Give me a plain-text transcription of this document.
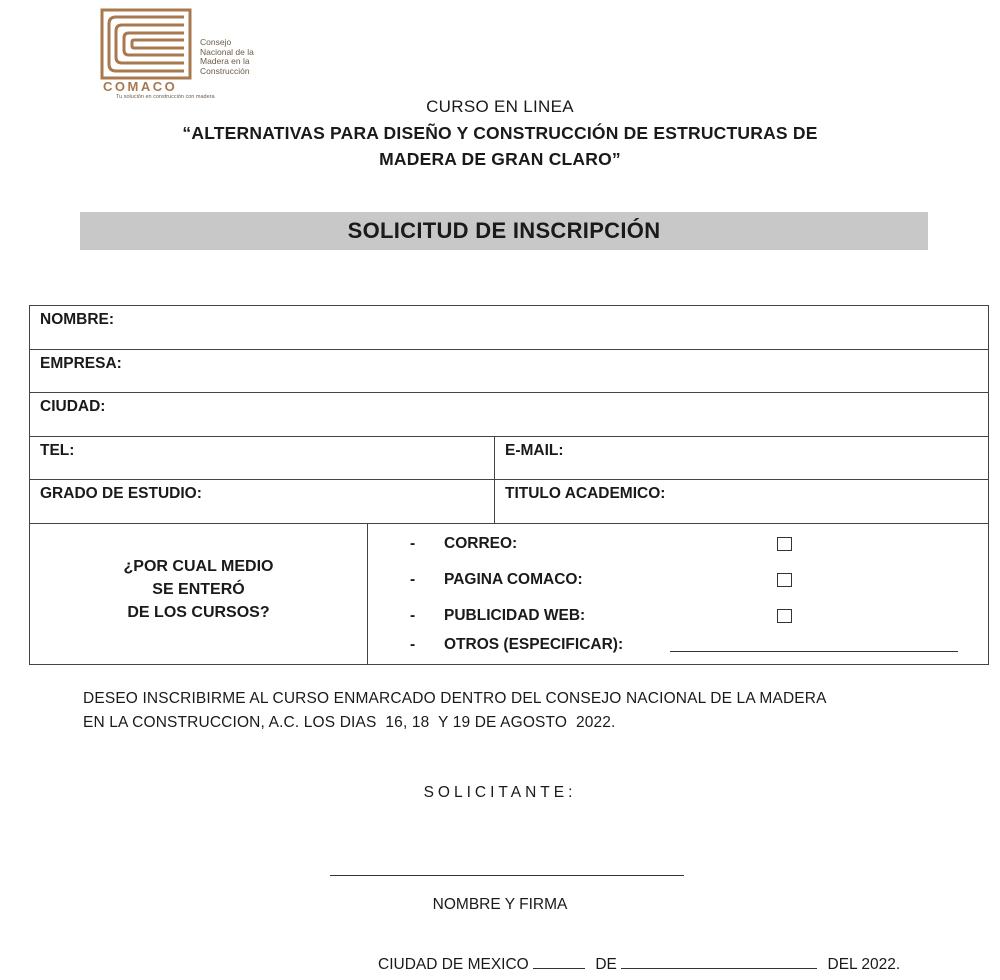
Consejo
Nacional de la
Madera en la
Construcción
COMACO
Tu solución en construcción con madera	CURSO EN LINEA
“ALTERNATIVAS PARA DISEÑO Y CONSTRUCCIÓN DE ESTRUCTURAS DE
MADERA DE GRAN CLARO”
SOLICITUD DE INSCRIPCIÓN
NOMBRE:
EMPRESA:
CIUDAD:
TEL:	E-MAIL:
GRADO DE ESTUDIO:	TITULO ACADEMICO:
¿POR CUAL MEDIO
SE ENTERÓ
DE LOS CURSOS?
- CORREO:
- PAGINA COMACO:
- PUBLICIDAD WEB:
- OTROS (ESPECIFICAR):
DESEO INSCRIBIRME AL CURSO ENMARCADO DENTRO DEL CONSEJO NACIONAL DE LA MADERA
EN LA CONSTRUCCION, A.C. LOS DIAS  16, 18  Y 19 DE AGOSTO  2022.
SOLICITANTE:
NOMBRE Y FIRMA
CIUDAD DE MEXICO	DE	DEL 2022.
